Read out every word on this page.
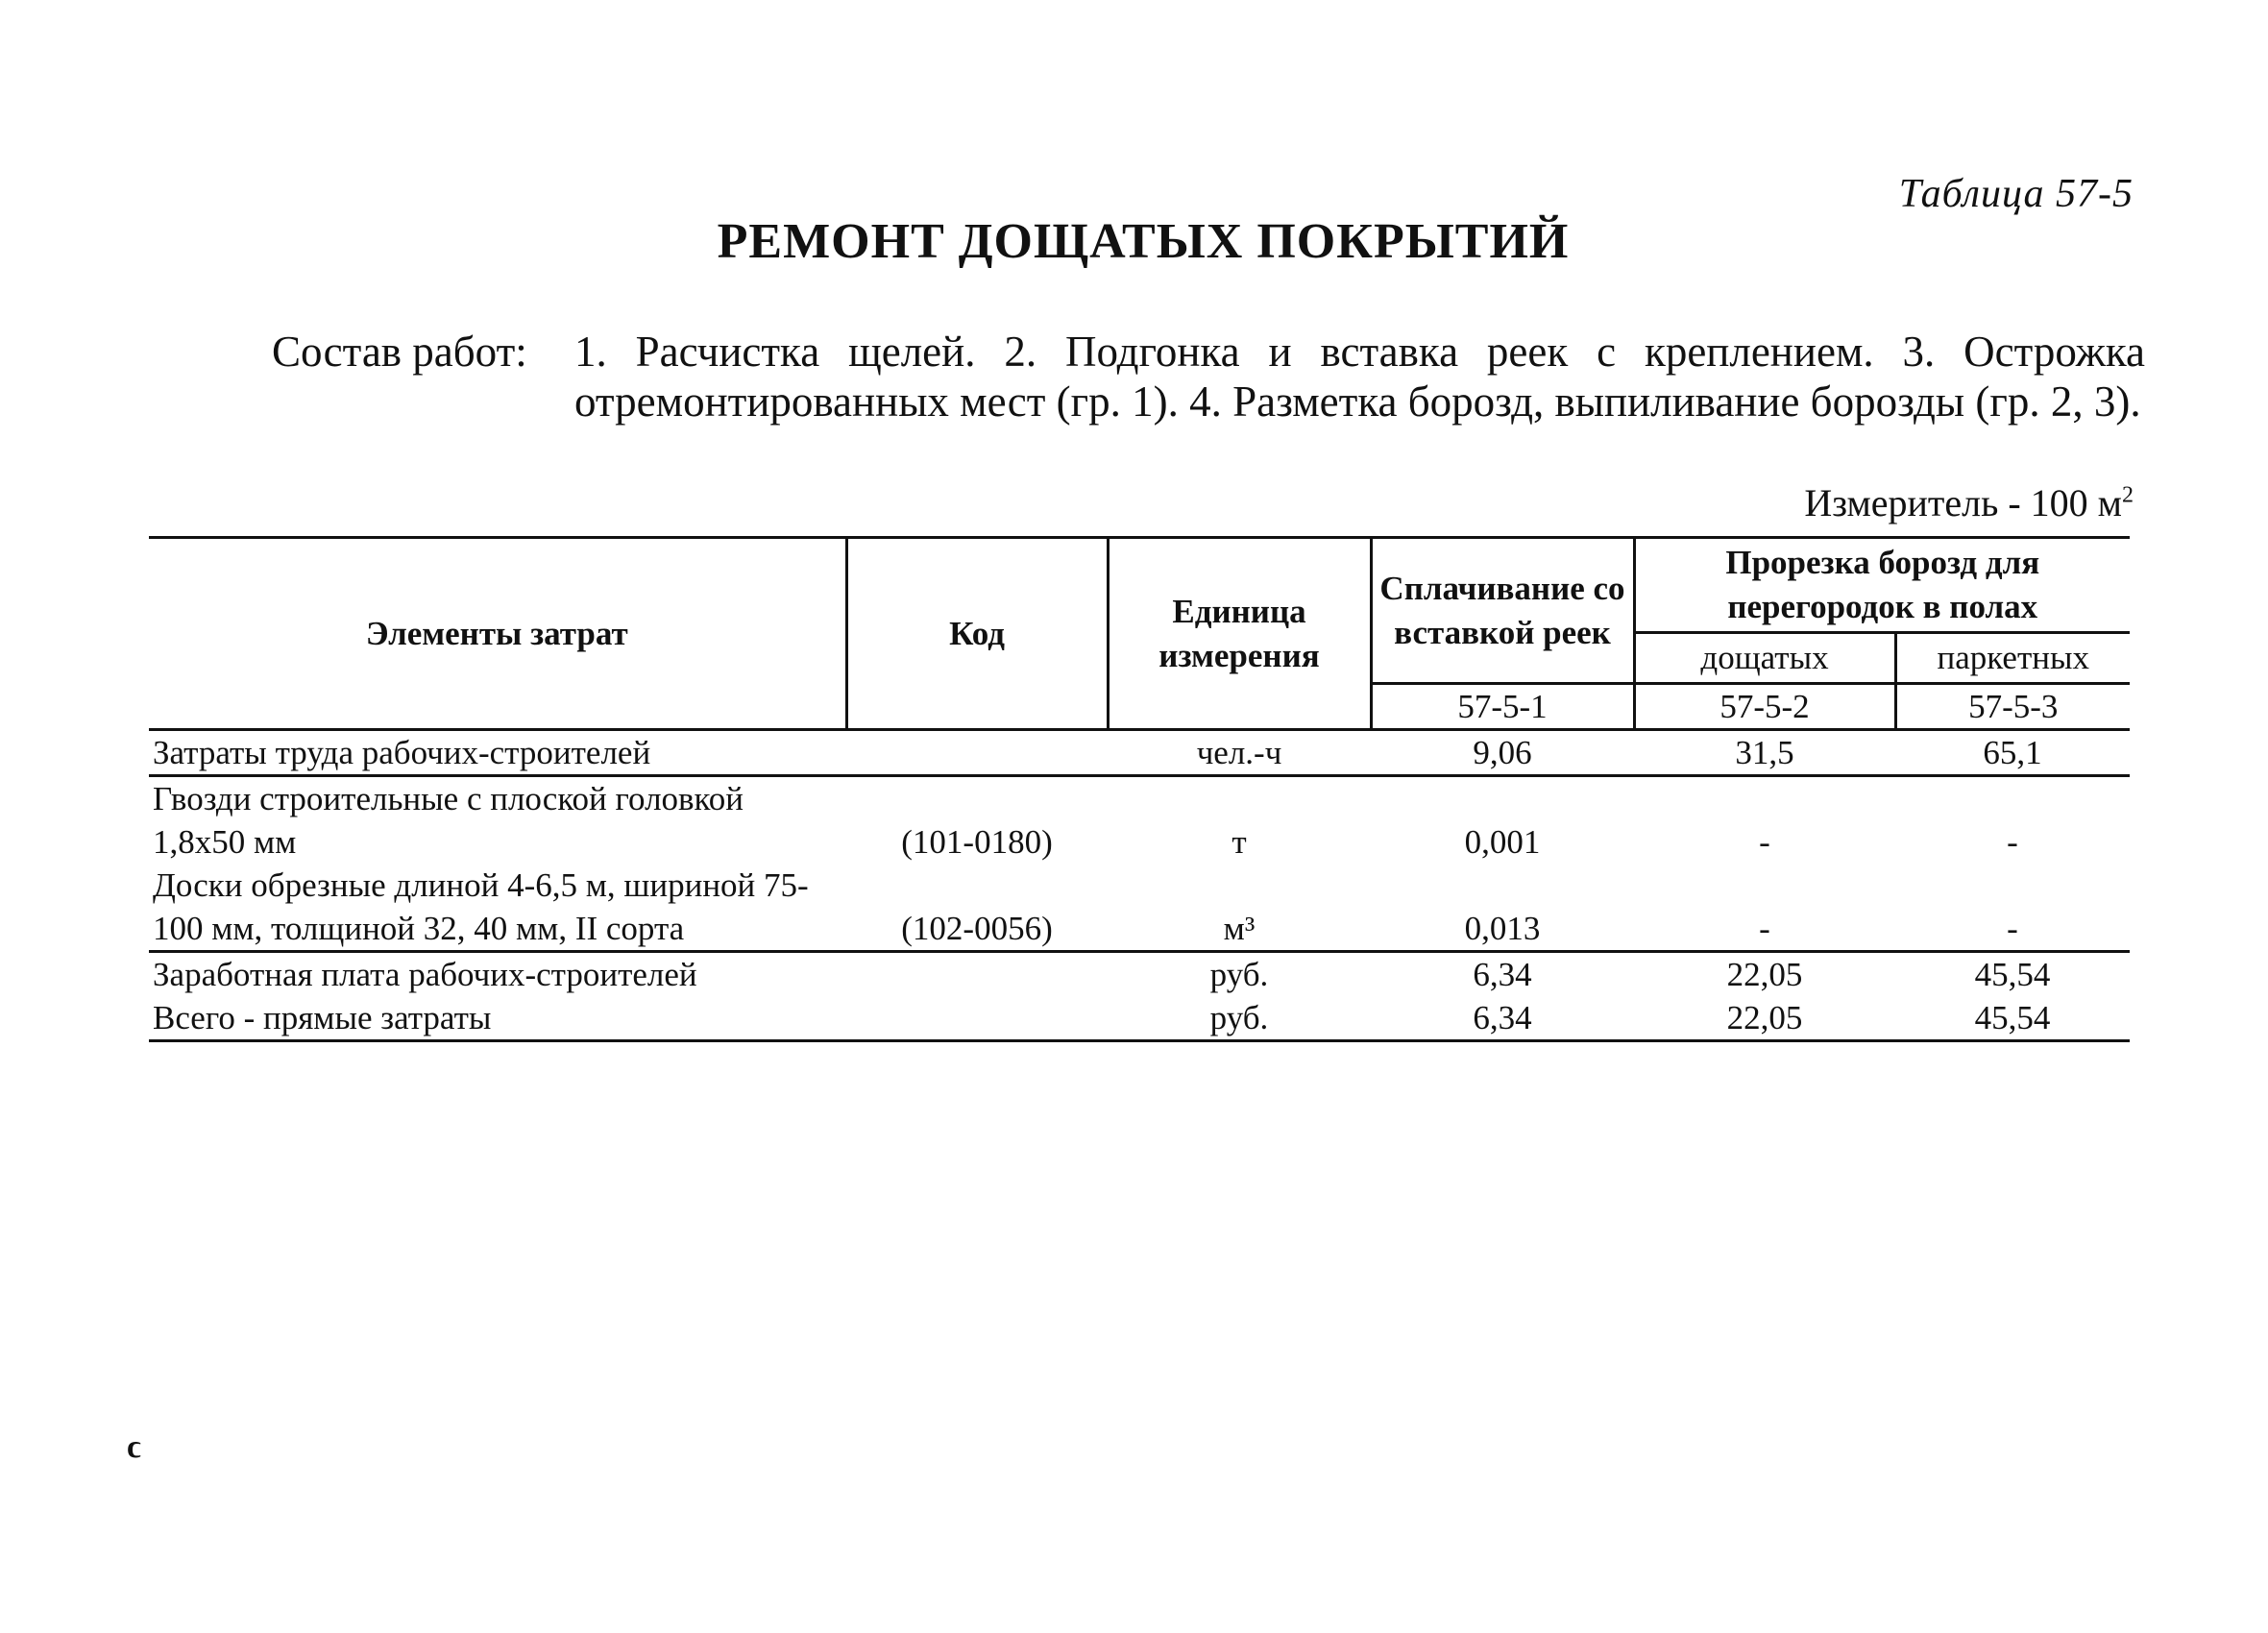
Таблица 57-5
РЕМОНТ ДОЩАТЫХ ПОКРЫТИЙ
Состав работ:	1. Расчистка щелей. 2. Подгонка и вставка реек с креплением. 3. Острожка отремонтированных мест (гр. 1). 4. Разметка борозд, выпиливание борозды (гр. 2, 3).
Измеритель - 100 $м^2$
Элементы затрат	Код	Единица измерения	Сплачивание со вставкой реек	Прорезка борозд для перегородок в полах	
				дощатых	паркетных
			57-5-1	57-5-2	57-5-3
Затраты труда рабочих-строителей		чел.-ч	9,06	31,5	65,1
Гвозди строительные с плоской головкой 1,8х50 мм	(101-0180)	т	0,001	-	-
Доски обрезные длиной 4-6,5 м, шириной 75-100 мм, толщиной 32, 40 мм, II сорта	(102-0056)	м³	0,013	-	-
Заработная плата рабочих-строителей		руб.	6,34	22,05	45,54
Всего - прямые затраты		руб.	6,34	22,05	45,54
ϲ
